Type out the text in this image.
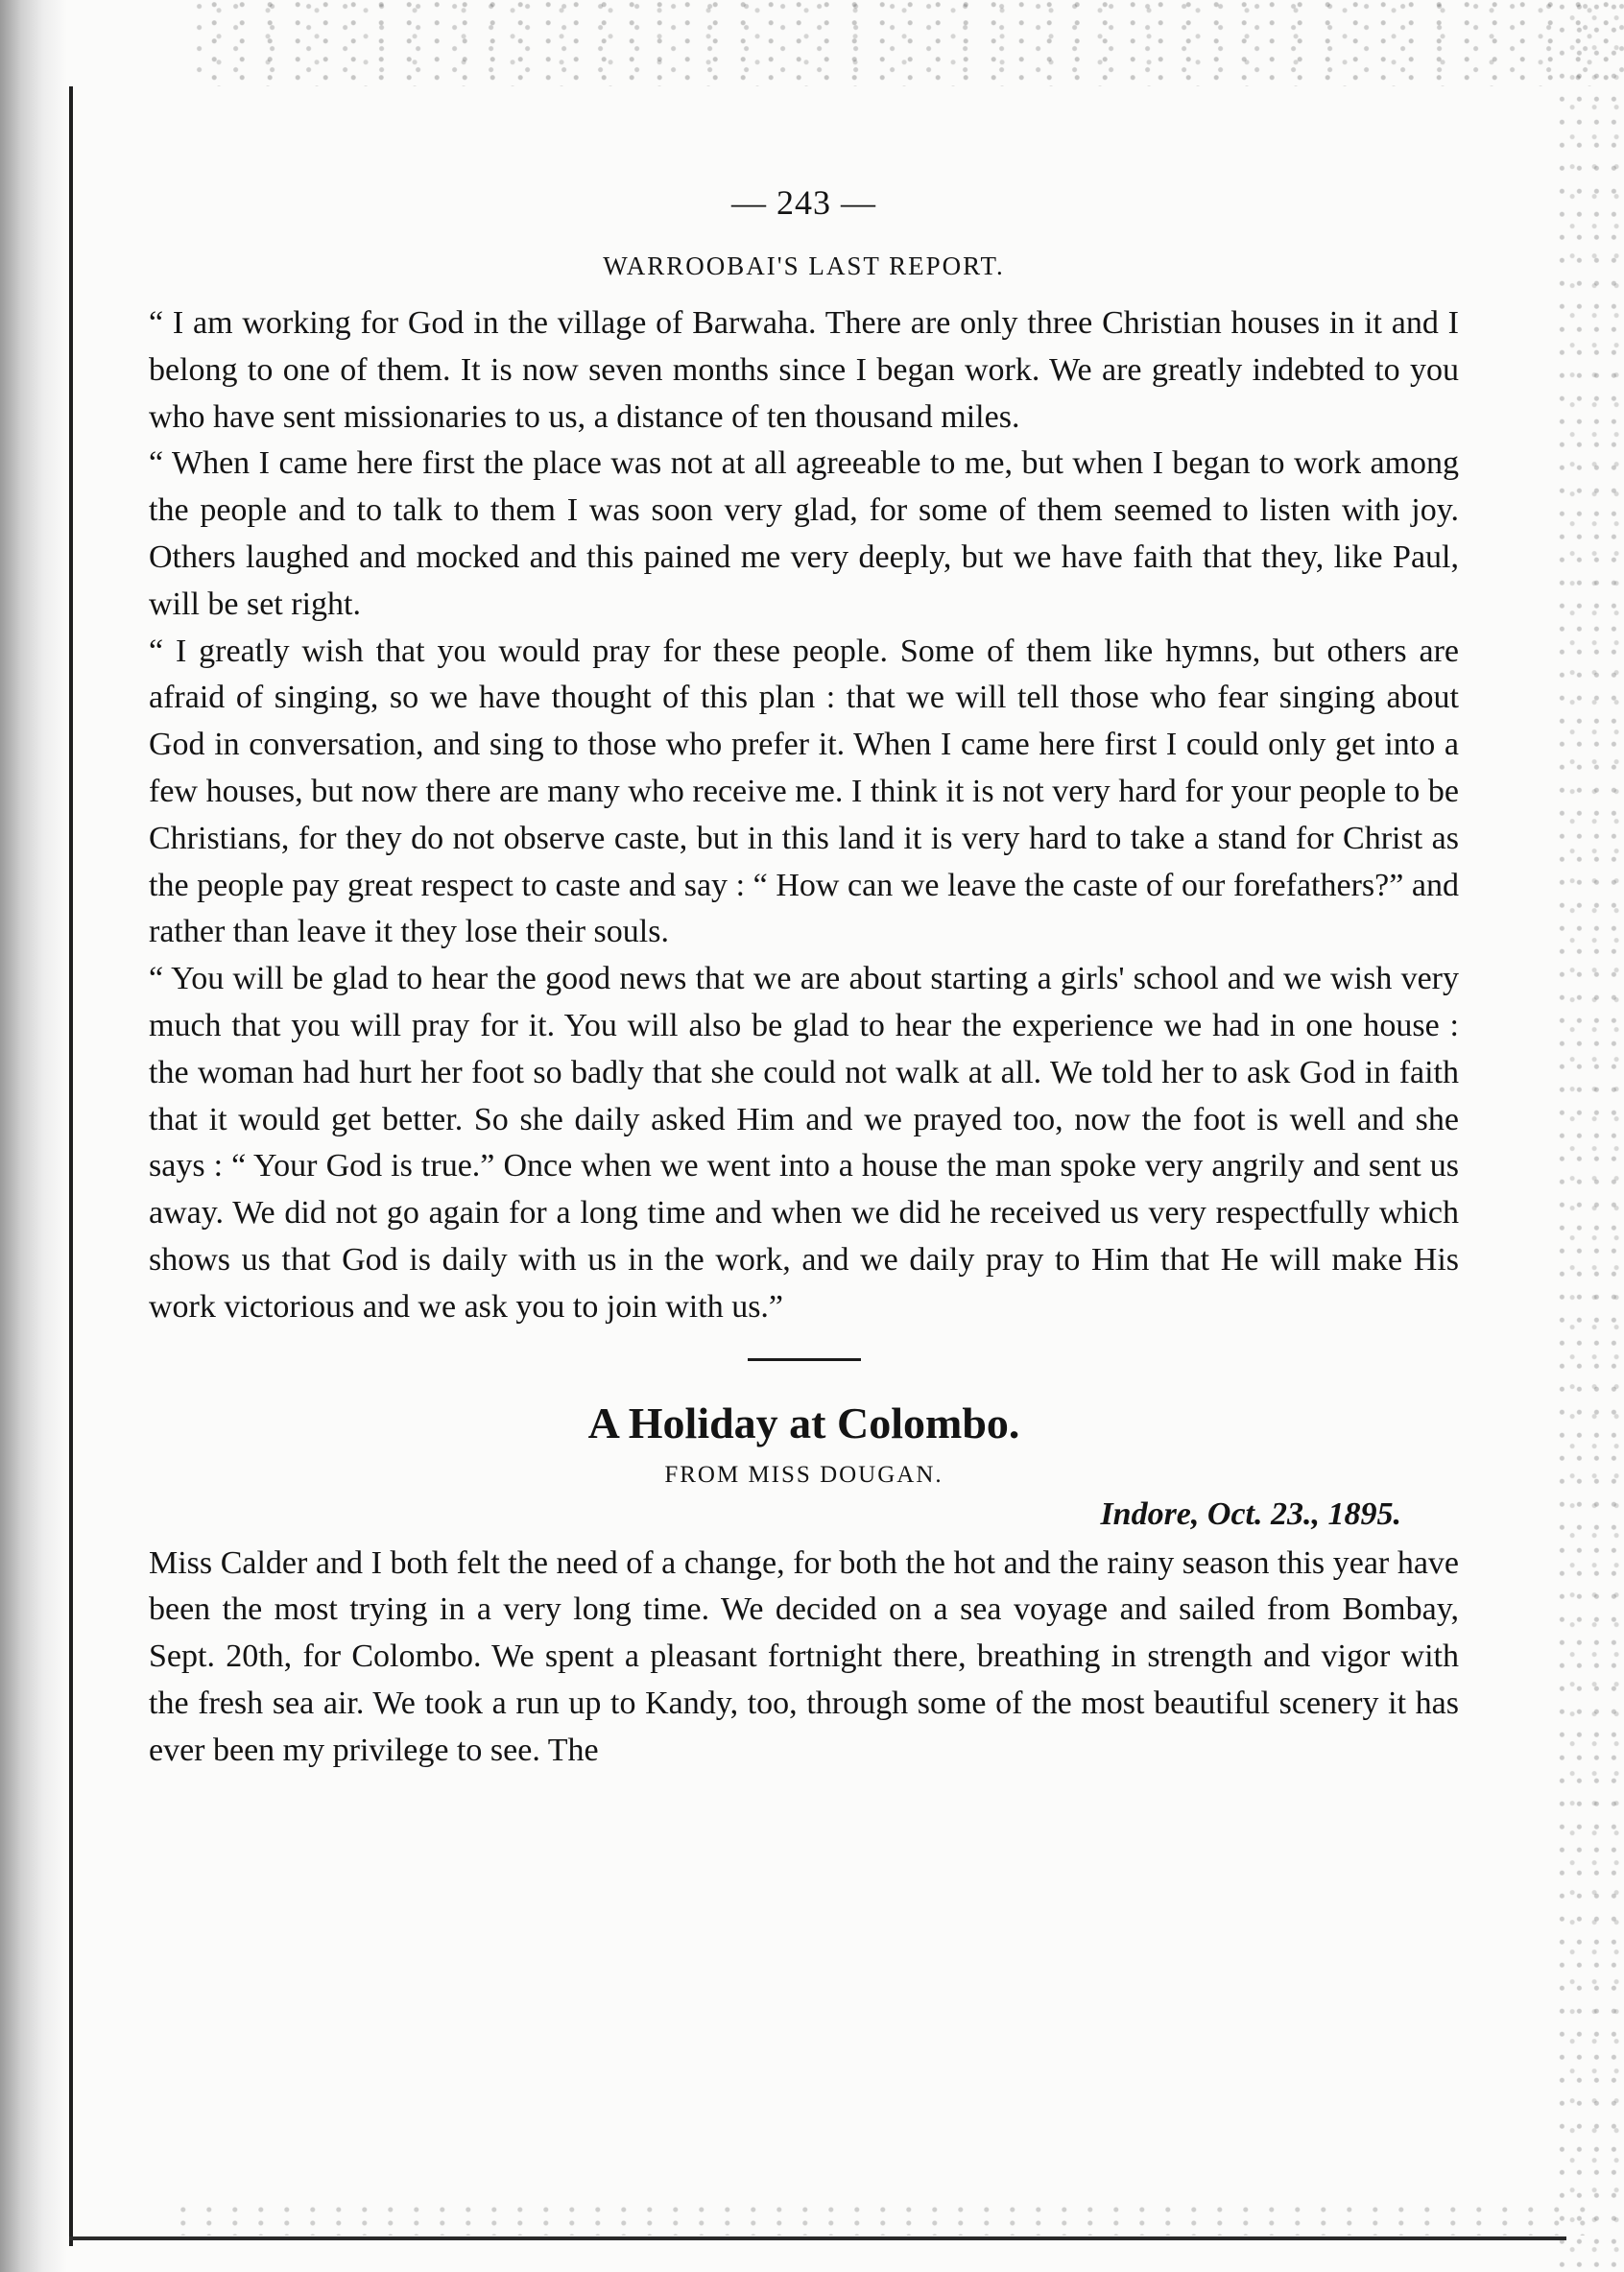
— 243 —
WARROOBAI'S LAST REPORT.

“ I am working for God in the village of Barwaha. There are only three Christian houses in it and I belong to one of them. It is now seven months since I began work. We are greatly indebted to you who have sent missionaries to us, a distance of ten thousand miles.

“ When I came here first the place was not at all agreeable to me, but when I began to work among the people and to talk to them I was soon very glad, for some of them seemed to listen with joy. Others laughed and mocked and this pained me very deeply, but we have faith that they, like Paul, will be set right.

“ I greatly wish that you would pray for these people. Some of them like hymns, but others are afraid of singing, so we have thought of this plan : that we will tell those who fear singing about God in conversation, and sing to those who prefer it. When I came here first I could only get into a few houses, but now there are many who receive me. I think it is not very hard for your people to be Christians, for they do not observe caste, but in this land it is very hard to take a stand for Christ as the people pay great respect to caste and say : “ How can we leave the caste of our forefathers?” and rather than leave it they lose their souls.

“ You will be glad to hear the good news that we are about starting a girls' school and we wish very much that you will pray for it. You will also be glad to hear the experience we had in one house : the woman had hurt her foot so badly that she could not walk at all. We told her to ask God in faith that it would get better. So she daily asked Him and we prayed too, now the foot is well and she says : “ Your God is true.” Once when we went into a house the man spoke very angrily and sent us away. We did not go again for a long time and when we did he received us very respectfully which shows us that God is daily with us in the work, and we daily pray to Him that He will make His work victorious and we ask you to join with us.”

A Holiday at Colombo.
FROM MISS DOUGAN.
Indore, Oct. 23., 1895.

Miss Calder and I both felt the need of a change, for both the hot and the rainy season this year have been the most trying in a very long time. We decided on a sea voyage and sailed from Bombay, Sept. 20th, for Colombo. We spent a pleasant fortnight there, breathing in strength and vigor with the fresh sea air. We took a run up to Kandy, too, through some of the most beautiful scenery it has ever been my privilege to see. The
